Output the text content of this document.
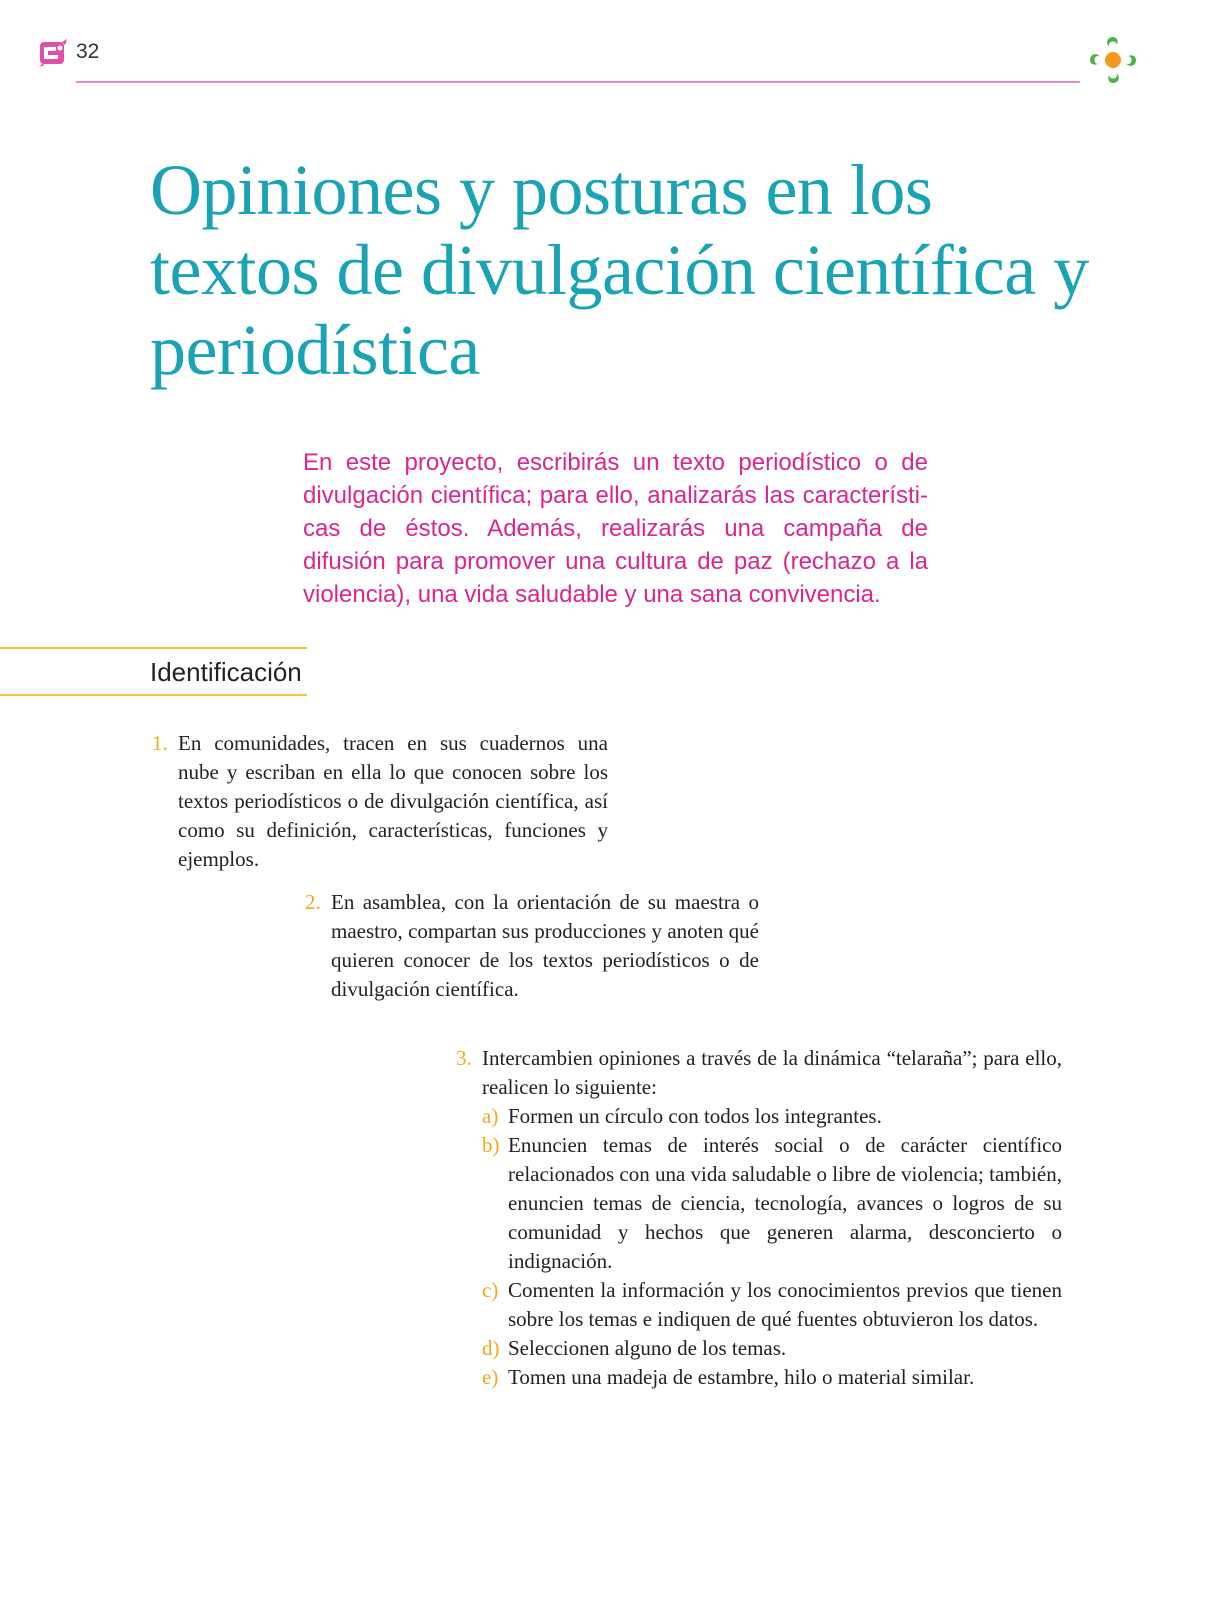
32
Opiniones y posturas en los textos de divulgación científica y periodística

En este proyecto, escribirás un texto periodístico o de divulgación científica; para ello, analizarás las características de éstos. Además, realizarás una campaña de difusión para promover una cultura de paz (rechazo a la violencia), una vida saludable y una sana convivencia.

Identificación
1. En comunidades, tracen en sus cuadernos una nube y escriban en ella lo que conocen sobre los textos periodísticos o de divulgación científica, así como su definición, características, funciones y ejemplos.
2. En asamblea, con la orientación de su maestra o maestro, compartan sus producciones y anoten qué quieren conocer de los textos periodísticos o de divulgación científica.
3. Intercambien opiniones a través de la dinámica “telaraña”; para ello, realicen lo siguiente:
a) Formen un círculo con todos los integrantes.
b) Enuncien temas de interés social o de carácter científico relacionados con una vida saludable o libre de violencia; también, enuncien temas de ciencia, tecnología, avances o logros de su comunidad y hechos que generen alarma, desconcierto o indignación.
c) Comenten la información y los conocimientos previos que tienen sobre los temas e indiquen de qué fuentes obtuvieron los datos.
d) Seleccionen alguno de los temas.
e) Tomen una madeja de estambre, hilo o material similar.
